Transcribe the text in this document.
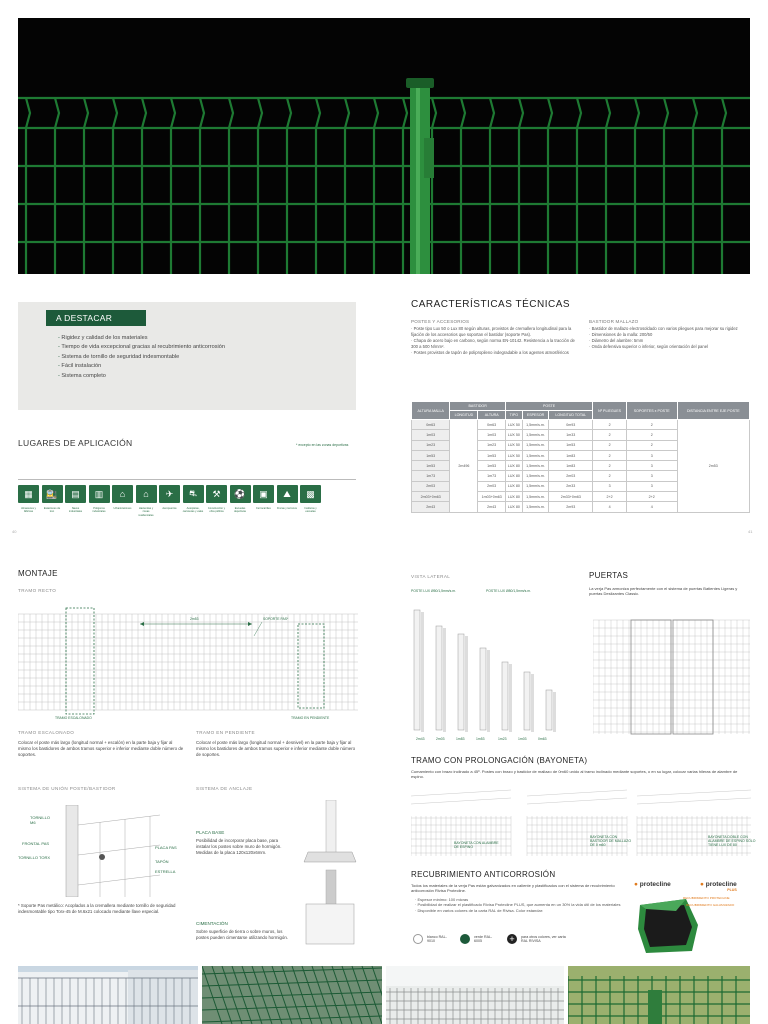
A DESTACAR
- Rigidez y calidad de los materiales
- Tiempo de vida excepcional gracias al recubrimiento anticorrosión
- Sistema de tornillo de seguridad indesmontable
- Fácil instalación
- Sistema completo
CARACTERÍSTICAS TÉCNICAS
POSTES Y ACCESORIOS
· Poste tipo Lux 50 o Lux 80 según alturas, provistos de cremallera longitudinal para la fijación de los accesorios que soportan el bastidor (soporte Pas).
· Chapa de acero bajo en carbono, según norma EN-10142. Resistencia a la tracción de 300 a 500 N/mm².
· Postes provistos de tapón de polipropileno indegradable a los agentes atmosféricos
BASTIDOR MALLAZO
· Bastidor de mallazo electrosoldado con varios pliegues para mejorar su rigidez
· Dimensiones de la malla: 200/50
· Diámetro del alambre: 5mm
· Onda defensiva superior o inferior, según orientación del panel
ALTURA MALLA	BASTIDOR		POSTE			Nº PLIEGUES	SOPORTES x POSTE	DISTANCIA ENTRE EJE POSTE
	LONGITUD	ALTURA	TIPO	ESPESOR	LONGITUD TOTAL			
0m63	2m496	0m63	LUX 50	1,5mm/s.m.	0m93	2	2	2m53
1m03		1m03	LUX 50	1,5mm/s.m.	1m33	2	2	
1m23		1m23	LUX 50	1,5mm/s.m.	1m53	2	2	
1m53		1m53	LUX 50	1,5mm/s.m.	1m83	2	3	
1m53		1m53	LUX 80	1,5mm/s.m.	1m83	2	3	
1m73		1m73	LUX 80	1,5mm/s.m.	2m03	2	3	
2m03		2m03	LUX 80	1,5mm/s.m.	2m33	3	3	
2m03+0m63		1m03+0m63	LUX 80	1,5mm/s.m.	2m33+0m63	2+2	2+2	
2m43		2m43	LUX 80	1,5mm/s.m.	2m93	4	4	
LUGARES DE APLICACIÓN	* excepto en las zonas deportivas
▦	🚉	▤	▥	⌂	⌂	✈	⛐	⚒	⚽	▣	⛰	▩
Almacenes y fábricas
Estaciones de tren
Naves industriales
Polígonos industriales
Urbanizaciones	Haciendas y zonas residenciales
Aeropuertos	Autopistas, carreteras y vales
Construcción y obra pública
Escuelas deportivas
Ferrocarriles	Fincas y terrenos	Institutos y escuelas
40	41
MONTAJE
TRAMO RECTO
2m53	SOPORTE PAS*
TRAMO ESCALONADO	TRAMO EN PENDIENTE
TRAMO ESCALONADO
Colocar el poste más largo (longitud normal + escalón) en la parte baja y fijar al mismo los bastidores de ambos tramos superior e inferior mediante doble número de soportes.
TRAMO EN PENDIENTE
Colocar el poste más largo (longitud normal + desnivel) en la parte baja y fijar al mismo los bastidores de ambos tramos superior e inferior mediante doble número de soportes.
SISTEMA DE UNIÓN POSTE/BASTIDOR	SISTEMA DE ANCLAJE
TORNILLO M6
FRONTAL PAS
TORNILLO TORX
PLACA PAS
TAPÓN
ESTRELLA
PLACA BASE
Posibilidad de incorporar placa base, para instalar los postes sobre muro de hormigón. Medidas de la placa 120x120x6mm.
CIMENTACIÓN
Sobre superficie de tierra o sobre muros, los postes pueden cimentarse utilizando hormigón.
* Soporte Pas metálico: Acoplados a la cremallera mediante tornillo de seguridad indesmontable tipo Torx-45 de M.6x21 colocado mediante llave especial.
VISTA LATERAL
POSTE LUX Ø50/1,5mm/s.m.	POSTE LUX Ø80/1,5mm/s.m.
2m43	2m03	1m83	1m53	1m23	1m03	0m63
PUERTAS
La verja Pas armoniza perfectamente con el sistema de puertas Batientes Ligeras y puertas Deslizantes Classic.
TRAMO CON PROLONGACIÓN (BAYONETA)
Cumamiento con brazo inclinado a 45º. Postes con brazo y bastidor de mallazo de 0m60 unido al tramo inclinado mediante soportes, o en su lugar, colocar varias hileras de alambre de espino.
BAYONETA CON ALAMBRE DE ESPINO
BAYONETA CON BASTIDOR DE MALLAZO DE 0 m60
BAYONETA DOBLE CON ALAMBRE DE ESPINO SOLO TIENE LUX DE 80
RECUBRIMIENTO ANTICORROSIÓN
Todos los materiales de la verja Pas están galvanizados en caliente y plastificados con el sistema de recubrimiento anticorrosión Rivisa Protecline.
· Espesor mínimo: 100 micras
· Posibilidad de realizar el plastificado Rivisa Protecline PLUS, que aumenta en un 30% la vida útil de los materiales
· Disponible en varios colores de la carta RAL de Rivisa. Color estandar:
blanco RAL-9010
verde RAL-6005	+	para otros colores, ver carta RAL RIVISA
● protecline	● protecline
PLUS
RECUBRIMIENTO PROTECLINE
RECUBRIMIENTO GALVANIZADO
